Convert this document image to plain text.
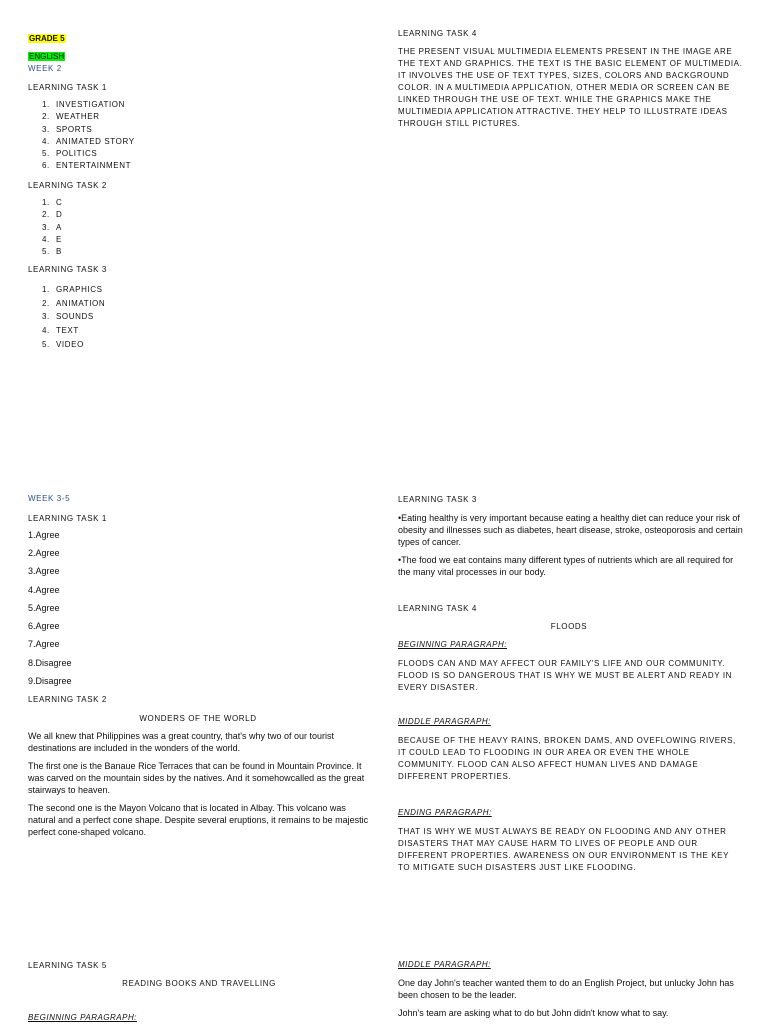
GRADE 5
ENGLISH
WEEK 2
LEARNING TASK 1
1. INVESTIGATION
2. WEATHER
3. SPORTS
4. ANIMATED STORY
5. POLITICS
6. ENTERTAINMENT
LEARNING TASK 2
1. C
2. D
3. A
4. E
5. B
LEARNING TASK 3
1. GRAPHICS
2. ANIMATION
3. SOUNDS
4. TEXT
5. VIDEO
LEARNING TASK 4
THE PRESENT VISUAL MULTIMEDIA ELEMENTS PRESENT IN THE IMAGE ARE THE TEXT AND GRAPHICS. THE TEXT IS THE BASIC ELEMENT OF MULTIMEDIA. IT INVOLVES THE USE OF TEXT TYPES, SIZES, COLORS AND BACKGROUND COLOR. IN A MULTIMEDIA APPLICATION, OTHER MEDIA OR SCREEN CAN BE LINKED THROUGH THE USE OF TEXT. WHILE THE GRAPHICS MAKE THE MULTIMEDIA APPLICATION ATTRACTIVE. THEY HELP TO ILLUSTRATE IDEAS THROUGH STILL PICTURES.
WEEK 3-5
LEARNING TASK 1
1.Agree
2.Agree
3.Agree
4.Agree
5.Agree
6.Agree
7.Agree
8.Disagree
9.Disagree
LEARNING TASK 2
WONDERS OF THE WORLD
We all knew that Philippines was a great country, that's why two of our tourist destinations are included in the wonders of the world.
The first one is the Banaue Rice Terraces that can be found in Mountain Province. It was carved on the mountain sides by the natives. And it somehowcalled as the great stairways to heaven.
The second one is the Mayon Volcano that is located in Albay. This volcano was natural and a perfect cone shape. Despite several eruptions, it remains to be majestic perfect cone-shaped volcano.
LEARNING TASK 3
•Eating healthy is very important because eating a healthy diet can reduce your risk of obesity and illnesses such as diabetes, heart disease, stroke, osteoporosis and certain types of cancer.
•The food we eat contains many different types of nutrients which are all required for the many vital processes in our body.
LEARNING TASK 4
FLOODS
BEGINNING PARAGRAPH:
FLOODS CAN AND MAY AFFECT OUR FAMILY'S LIFE AND OUR COMMUNITY. FLOOD IS SO DANGEROUS THAT IS WHY WE MUST BE ALERT AND READY IN EVERY DISASTER.
MIDDLE PARAGRAPH:
BECAUSE OF THE HEAVY RAINS, BROKEN DAMS, AND OVEFLOWING RIVERS, IT COULD LEAD TO FLOODING IN OUR AREA OR EVEN THE WHOLE COMMUNITY. FLOOD CAN ALSO AFFECT HUMAN LIVES AND DAMAGE DIFFERENT PROPERTIES.
ENDING PARAGRAPH:
THAT IS WHY WE MUST ALWAYS BE READY ON FLOODING AND ANY OTHER DISASTERS THAT MAY CAUSE HARM TO LIVES OF PEOPLE AND OUR DIFFERENT PROPERTIES. AWARENESS ON OUR ENVIRONMENT IS THE KEY TO MITIGATE SUCH DISASTERS JUST LIKE FLOODING.
LEARNING TASK 5
READING BOOKS AND TRAVELLING
BEGINNING PARAGRAPH:
MIDDLE PARAGRAPH:
One day John's teacher wanted them to do an English Project, but unlucky John has been chosen to be the leader.
John's team are asking what to do but John didn't know what to say.
